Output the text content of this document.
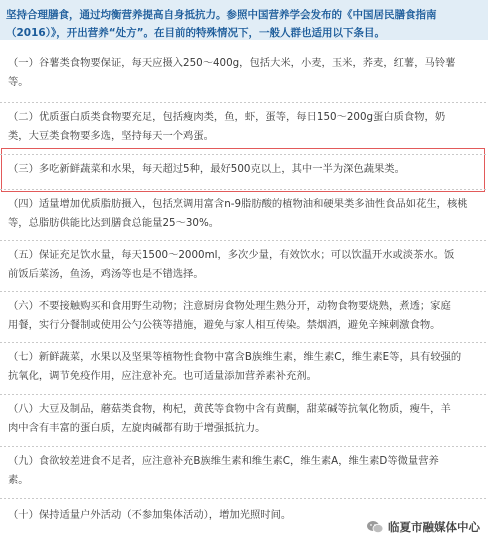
坚持合理膳食，通过均衡营养提高自身抵抗力。参照中国营养学会发布的《中国居民膳食指南
（2016）》，开出营养“处方”。在目前的特殊情况下，一般人群也适用以下条目。
（一）谷薯类食物要保证，每天应摄入250～400g，包括大米，小麦，玉米，荞麦，红薯，马铃薯
等。
（二）优质蛋白质类食物要充足，包括瘦肉类，鱼，虾，蛋等，每日150～200g蛋白质食物，奶
类，大豆类食物要多选，坚持每天一个鸡蛋。
（三）多吃新鲜蔬菜和水果，每天超过5种，最好500克以上，其中一半为深色蔬果类。
（四）适量增加优质脂肪摄入，包括烹调用富含n-9脂肪酸的植物油和硬果类多油性食品如花生，核桃
等，总脂肪供能比达到膳食总能量25～30%。
（五）保证充足饮水量，每天1500～2000ml，多次少量，有效饮水；可以饮温开水或淡茶水。饭
前饭后菜汤，鱼汤，鸡汤等也是不错选择。
（六）不要接触购买和食用野生动物；注意厨房食物处理生熟分开，动物食物要烧熟，煮透；家庭
用餐，实行分餐制或使用公勺公筷等措施，避免与家人相互传染。禁烟酒，避免辛辣刺激食物。
（七）新鲜蔬菜，水果以及坚果等植物性食物中富含B族维生素，维生素C，维生素E等，具有较强的
抗氧化，调节免疫作用，应注意补充。也可适量添加营养素补充剂。
（八）大豆及制品，蘑菇类食物，枸杞，黄芪等食物中含有黄酮，甜菜碱等抗氧化物质，瘦牛，羊
肉中含有丰富的蛋白质，左旋肉碱都有助于增强抵抗力。
（九）食欲较差进食不足者，应注意补充B族维生素和维生素C，维生素A，维生素D等微量营养
素。
（十）保持适量户外活动（不参加集体活动），增加光照时间。
临夏市融媒体中心
